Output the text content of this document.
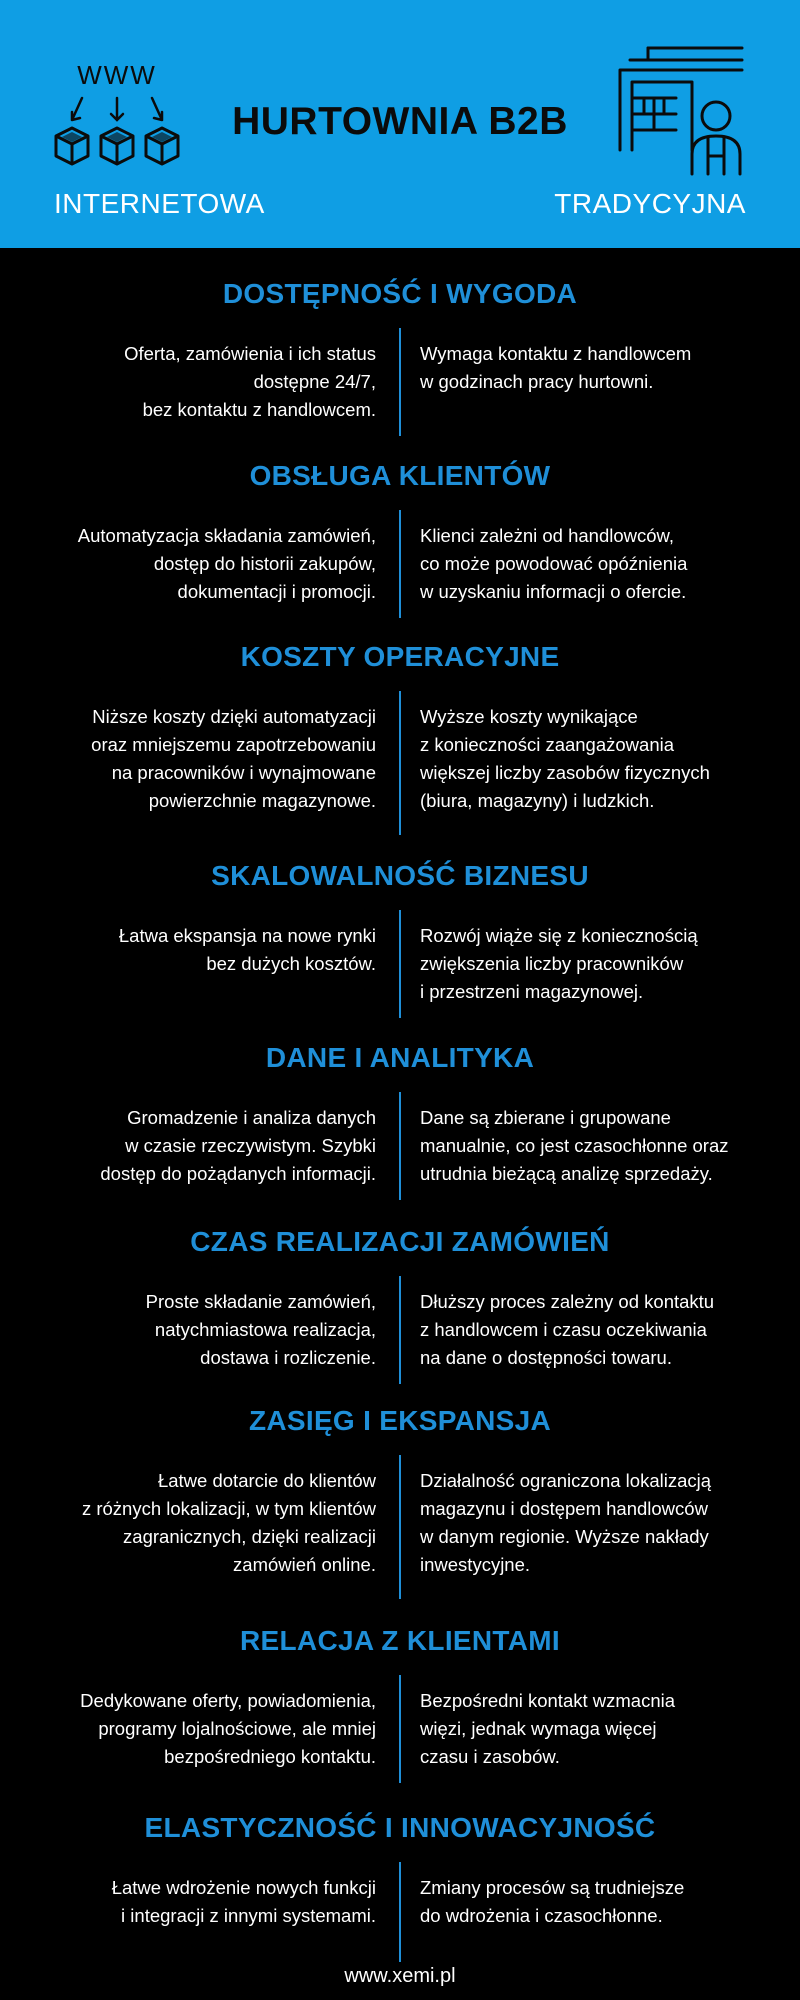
WWW
HURTOWNIA B2B
INTERNETOWA	TRADYCYJNA
DOSTĘPNOŚĆ I WYGODA
Oferta, zamówienia i ich status
dostępne 24/7,
bez kontaktu z handlowcem.
Wymaga kontaktu z handlowcem
w godzinach pracy hurtowni.
OBSŁUGA KLIENTÓW
Automatyzacja składania zamówień,
dostęp do historii zakupów,
dokumentacji i promocji.
Klienci zależni od handlowców,
co może powodować opóźnienia
w uzyskaniu informacji o ofercie.
KOSZTY OPERACYJNE
Niższe koszty dzięki automatyzacji
oraz mniejszemu zapotrzebowaniu
na pracowników i wynajmowane
powierzchnie magazynowe.
Wyższe koszty wynikające
z konieczności zaangażowania
większej liczby zasobów fizycznych
(biura, magazyny) i ludzkich.
SKALOWALNOŚĆ BIZNESU
Łatwa ekspansja na nowe rynki
bez dużych kosztów.
Rozwój wiąże się z koniecznością
zwiększenia liczby pracowników
i przestrzeni magazynowej.
DANE I ANALITYKA
Gromadzenie i analiza danych
w czasie rzeczywistym. Szybki
dostęp do pożądanych informacji.
Dane są zbierane i grupowane
manualnie, co jest czasochłonne oraz
utrudnia bieżącą analizę sprzedaży.
CZAS REALIZACJI ZAMÓWIEŃ
Proste składanie zamówień,
natychmiastowa realizacja,
dostawa i rozliczenie.
Dłuższy proces zależny od kontaktu
z handlowcem i czasu oczekiwania
na dane o dostępności towaru.
ZASIĘG I EKSPANSJA
Łatwe dotarcie do klientów
z różnych lokalizacji, w tym klientów
zagranicznych, dzięki realizacji
zamówień online.
Działalność ograniczona lokalizacją
magazynu i dostępem handlowców
w danym regionie. Wyższe nakłady
inwestycyjne.
RELACJA Z KLIENTAMI
Dedykowane oferty, powiadomienia,
programy lojalnościowe, ale mniej
bezpośredniego kontaktu.
Bezpośredni kontakt wzmacnia
więzi, jednak wymaga więcej
czasu i zasobów.
ELASTYCZNOŚĆ I INNOWACYJNOŚĆ
Łatwe wdrożenie nowych funkcji
i integracji z innymi systemami.
Zmiany procesów są trudniejsze
do wdrożenia i czasochłonne.
www.xemi.pl
